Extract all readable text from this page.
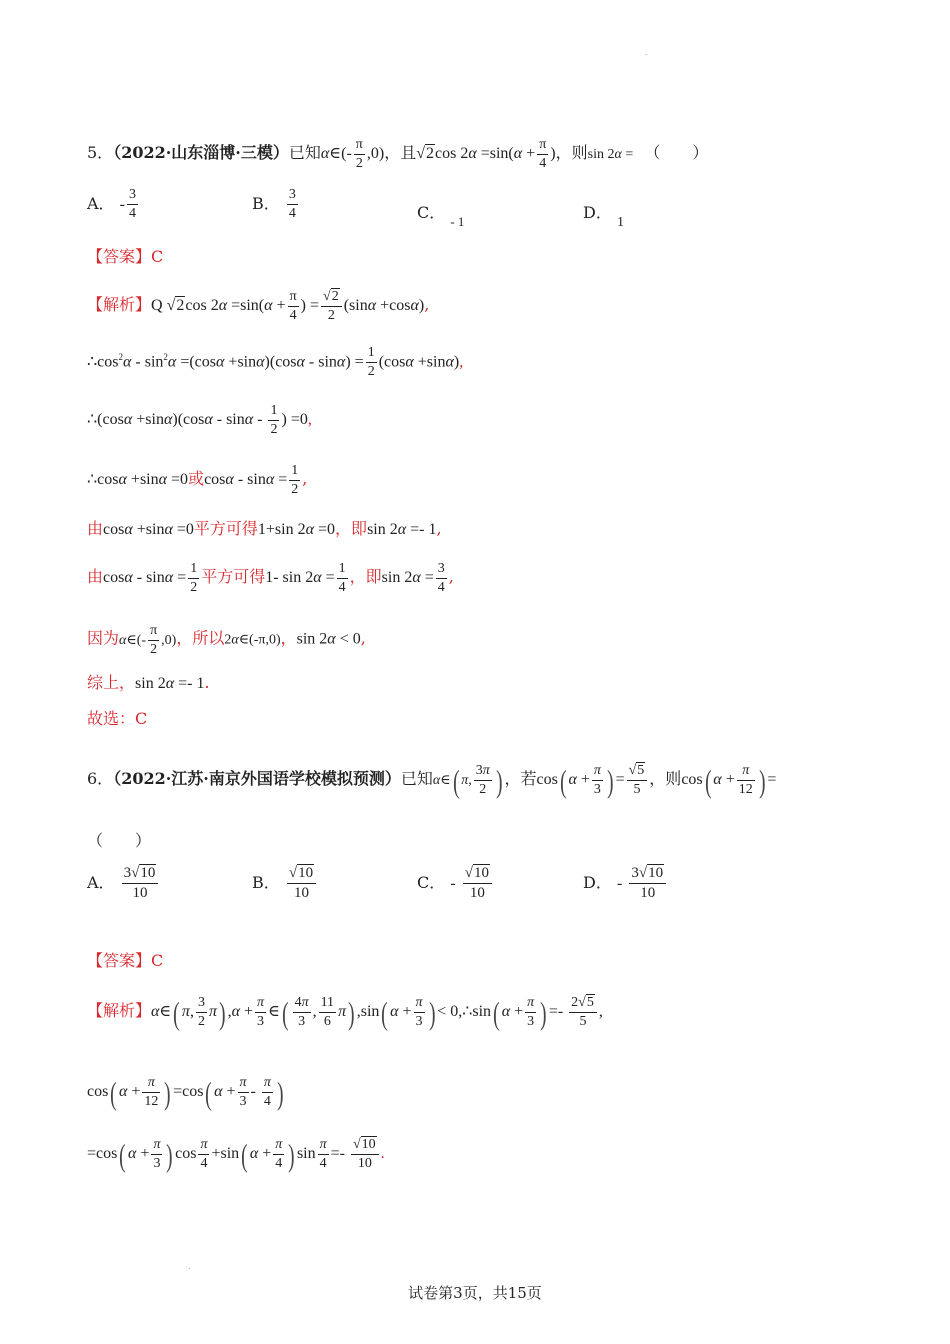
.
.
5．（2022·山东淄博·三模）已知α∈(- $\frac{\pi}{2} ,0$)，且√2cos $2\alpha =\sin(\alpha + \frac{\pi}{4}$ )，则sin 2α = （　　）
A． - $\frac{3}{4}$	B． $\frac{3}{4}$	C． $_{- 1}$	D． 1
【答案】C
【解析】Q √2cos $2\alpha =\sin(\alpha + \frac{\pi}{4}$ ) = $\frac{√2}{2} (\sin\alpha +\cos\alpha)$,
$\therefore\cos^2\alpha - \sin^2\alpha =(\cos\alpha +\sin\alpha)(\cos\alpha - \sin\alpha) = \frac{1}{2} (\cos\alpha +\sin\alpha)$,
∴(cosα $+\sin\alpha)(\cos\alpha - \sin\alpha - \frac{1}{2}$ ) =0,
∴cosα +sinα =0或$\cos\alpha - \sin\alpha = \frac{1}{2}$ ,
由cosα +sinα =0平方可得1+sin 2α =0，即sin 2α =- 1,
由$\cos\alpha - \sin\alpha = \frac{1}{2}$ 平方可得1- $\sin 2\alpha = \frac{1}{4}$ ，即$\sin 2\alpha = \frac{3}{4}$ ,
因为α∈(- $\frac{\pi}{2} ,0$)，所以2α∈(-π,0)，sin 2α < 0,
综上，sin 2α =- 1.
故选：C
6．（2022·江苏·南京外国语学校模拟预测）已知α∈( π, $\frac{3\pi}{2}$ ) ，若cos( $\alpha + \frac{\pi}{3}$ ) = $\frac{√5}{5}$ ，则cos( $\alpha + \frac{\pi}{12}$ ) =
（　　）
A． $\frac{3√10}{10}$	B． $\frac{√10}{10}$	C． - $\frac{√10}{10}$	D． - $\frac{3√10}{10}$
【答案】C
【解析】α∈( π, $\frac{3}{2} \pi$) $,\alpha + \frac{\pi}{3}$ ∈( $\frac{4\pi}{3}$ , $\frac{11}{6} \pi$) ,sin( $\alpha + \frac{\pi}{3}$ ) < 0,∴sin( $\alpha + \frac{\pi}{3}$ ) =- $\frac{2√5}{5}$ ,
cos( $\alpha + \frac{\pi}{12}$ ) =cos( $\alpha + \frac{\pi}{3} - \frac{\pi}{4}$ )
=cos( $\alpha + \frac{\pi}{3}$ ) $\cos \frac{\pi}{4} +\sin$( $\alpha + \frac{\pi}{4}$ ) $\sin \frac{\pi}{4} =- \frac{√10}{10}$ .
试卷第3页，共15页
